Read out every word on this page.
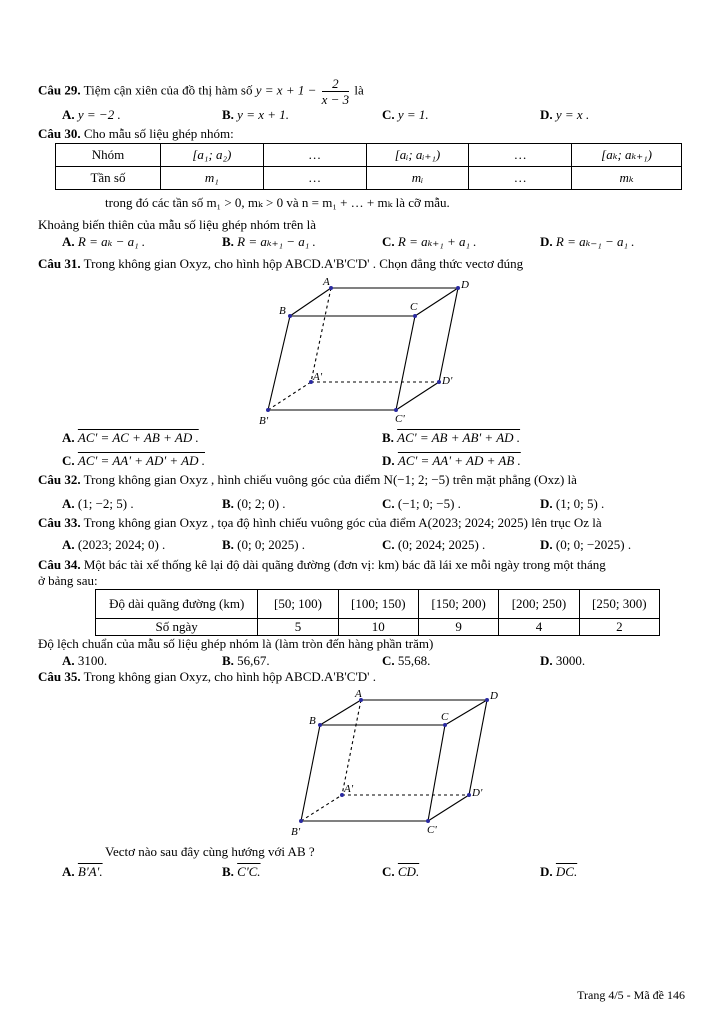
Câu 29. Tiệm cận xiên của đồ thị hàm số $y = x + 1 - \frac{2}{x - 3}$ là
A. y = −2 .	B. y = x + 1.	C. y = 1.	D. y = x .
Câu 30. Cho mẫu số liệu ghép nhóm:
Nhóm	[a₁; a₂)	…	[aᵢ; aᵢ₊₁)	…	[aₖ; aₖ₊₁)
Tần số	m₁	…	mᵢ	…	mₖ
trong đó các tần số m₁ > 0, mₖ > 0 và n = m₁ + … + mₖ là cỡ mẫu.
Khoảng biến thiên của mẫu số liệu ghép nhóm trên là
A. R = aₖ − a₁ .	B. R = aₖ₊₁ − a₁ .	C. R = aₖ₊₁ + a₁ .	D. R = aₖ₋₁ − a₁ .
Câu 31. Trong không gian Oxyz, cho hình hộp ABCD.A'B'C'D' . Chọn đẳng thức vectơ đúng
A	D
B	C
A'	D'
B'	C'
A. AC' = AC + AB + AD .	B. AC' = AB + AB' + AD .
C. AC' = AA' + AD' + AD .	D. AC' = AA' + AD + AB .
Câu 32. Trong không gian Oxyz , hình chiếu vuông góc của điểm N(−1; 2; −5) trên mặt phẳng (Oxz) là
A. (1; −2; 5) .	B. (0; 2; 0) .	C. (−1; 0; −5) .	D. (1; 0; 5) .
Câu 33. Trong không gian Oxyz , tọa độ hình chiếu vuông góc của điểm A(2023; 2024; 2025) lên trục Oz là
A. (2023; 2024; 0) .	B. (0; 0; 2025) .	C. (0; 2024; 2025) .	D. (0; 0; −2025) .
Câu 34. Một bác tài xế thống kê lại độ dài quãng đường (đơn vị: km) bác đã lái xe mỗi ngày trong một tháng
ở bảng sau:
Độ dài quãng đường (km)	[50; 100)	[100; 150)	[150; 200)	[200; 250)	[250; 300)
Số ngày	5	10	9	4	2
Độ lệch chuẩn của mẫu số liệu ghép nhóm là (làm tròn đến hàng phần trăm)
A. 3100.	B. 56,67.	C. 55,68.	D. 3000.
Câu 35. Trong không gian Oxyz, cho hình hộp ABCD.A'B'C'D' .
A	D
B	C
A'	D'
B'	C'
Vectơ nào sau đây cùng hướng với AB ?
A. B'A'.	B. C'C.	C. CD.	D. DC.
Trang 4/5 - Mã đề 146
